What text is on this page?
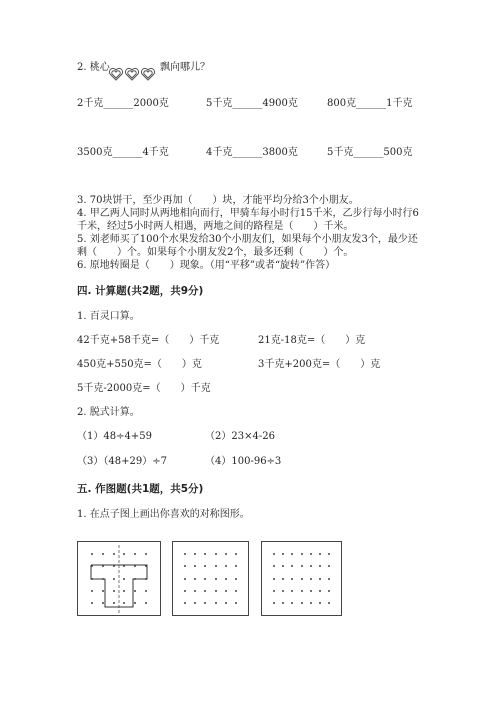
2. 桃心	飘向哪儿？
2千克______2000克	5千克______4900克	800克______1千克
3500克______4千克	4千克______3800克	5千克______500克
3. 70块饼干，至少再加（　　）块，才能平均分给3个小朋友。
4. 甲乙两人同时从两地相向而行，甲骑车每小时行15千米，乙步行每小时行6
千米，经过5小时两人相遇，两地之间的路程是（　　）千米。
5. 刘老师买了100个水果发给30个小朋友们，如果每个小朋友发3个，最少还
剩（　　）个。如果每个小朋友发2个，最多还剩（　　）个。
6. 原地转圈是（　　）现象。（用“平移”或者“旋转”作答）
四. 计算题(共2题，共9分)
1. 百灵口算。
42千克+58千克=（　　）千克	21克-18克=（　　）克
450克+550克=（　　）克	3千克+200克=（　　）克
5千克-2000克=（　　）千克
2. 脱式计算。
（1）48÷4+59	（2）23×4-26
（3）（48+29）÷7	（4）100-96÷3
五. 作图题(共1题，共5分)
1. 在点子图上画出你喜欢的对称图形。
